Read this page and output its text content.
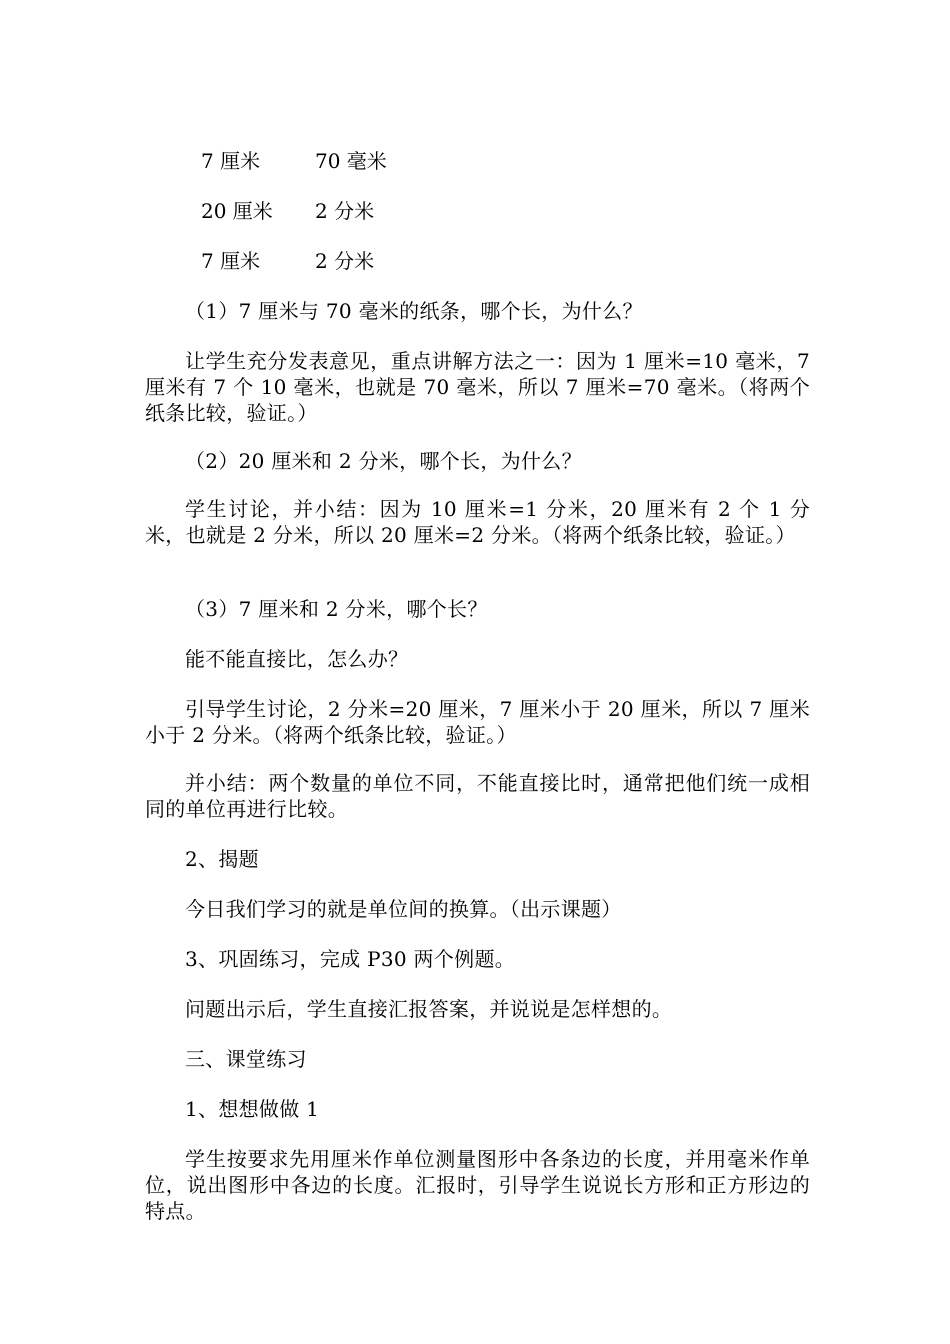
7 厘米	70 毫米
20 厘米 2 分米
7 厘米	2 分米

（1）7 厘米与 70 毫米的纸条，哪个长，为什么？

让学生充分发表意见，重点讲解方法之一：因为 1 厘米=10 毫米，7 厘米有 7 个 10 毫米，也就是 70 毫米，所以 7 厘米=70 毫米。（将两个纸条比较，验证。）

（2）20 厘米和 2 分米，哪个长，为什么？

学生讨论，并小结：因为 10 厘米=1 分米，20 厘米有 2 个 1 分米，也就是 2 分米，所以 20 厘米=2 分米。（将两个纸条比较，验证。）

（3）7 厘米和 2 分米，哪个长？

能不能直接比，怎么办？

引导学生讨论，2 分米=20 厘米，7 厘米小于 20 厘米，所以 7 厘米小于 2 分米。（将两个纸条比较，验证。）

并小结：两个数量的单位不同，不能直接比时，通常把他们统一成相同的单位再进行比较。

2、揭题

今日我们学习的就是单位间的换算。（出示课题）

3、巩固练习，完成 P30 两个例题。

问题出示后，学生直接汇报答案，并说说是怎样想的。

三、课堂练习

1、想想做做 1

学生按要求先用厘米作单位测量图形中各条边的长度，并用毫米作单位，说出图形中各边的长度。汇报时，引导学生说说长方形和正方形边的特点。
